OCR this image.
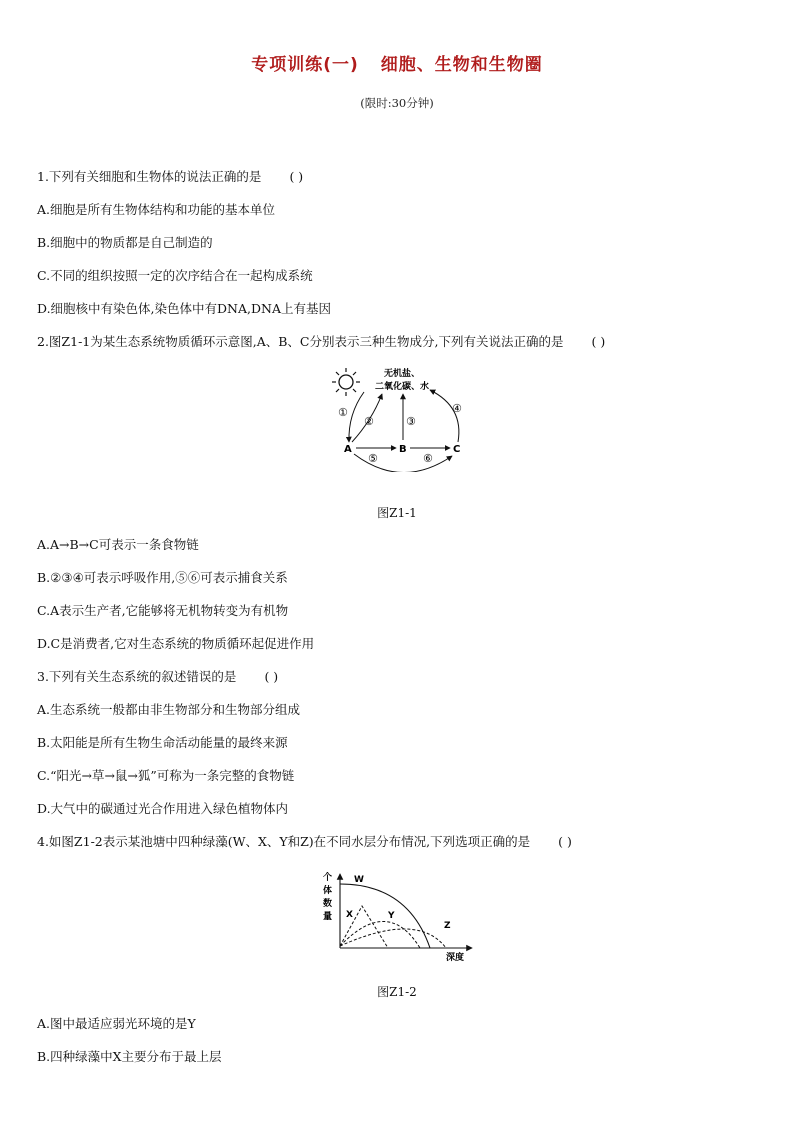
专项训练(一) 细胞、生物和生物圈
(限时:30分钟)
1.下列有关细胞和生物体的说法正确的是 ( )
A.细胞是所有生物体结构和功能的基本单位
B.细胞中的物质都是自己制造的
C.不同的组织按照一定的次序结合在一起构成系统
D.细胞核中有染色体,染色体中有DNA,DNA上有基因
2.图Z1-1为某生态系统物质循环示意图,A、B、C分别表示三种生物成分,下列有关说法正确的是 ( )
无机盐、
二氧化碳、水
①
②	③
④
⑤	⑥
A	B	C
图Z1-1
A.A→B→C可表示一条食物链
B.②③④可表示呼吸作用,⑤⑥可表示捕食关系
C.A表示生产者,它能够将无机物转变为有机物
D.C是消费者,它对生态系统的物质循环起促进作用
3.下列有关生态系统的叙述错误的是 ( )
A.生态系统一般都由非生物部分和生物部分组成
B.太阳能是所有生物生命活动能量的最终来源
C.“阳光→草→鼠→狐”可称为一条完整的食物链
D.大气中的碳通过光合作用进入绿色植物体内
4.如图Z1-2表示某池塘中四种绿藻(W、X、Y和Z)在不同水层分布情况,下列选项正确的是 ( )
个
体
数
量
深度
W
X	Y
Z
图Z1-2
A.图中最适应弱光环境的是Y
B.四种绿藻中X主要分布于最上层
